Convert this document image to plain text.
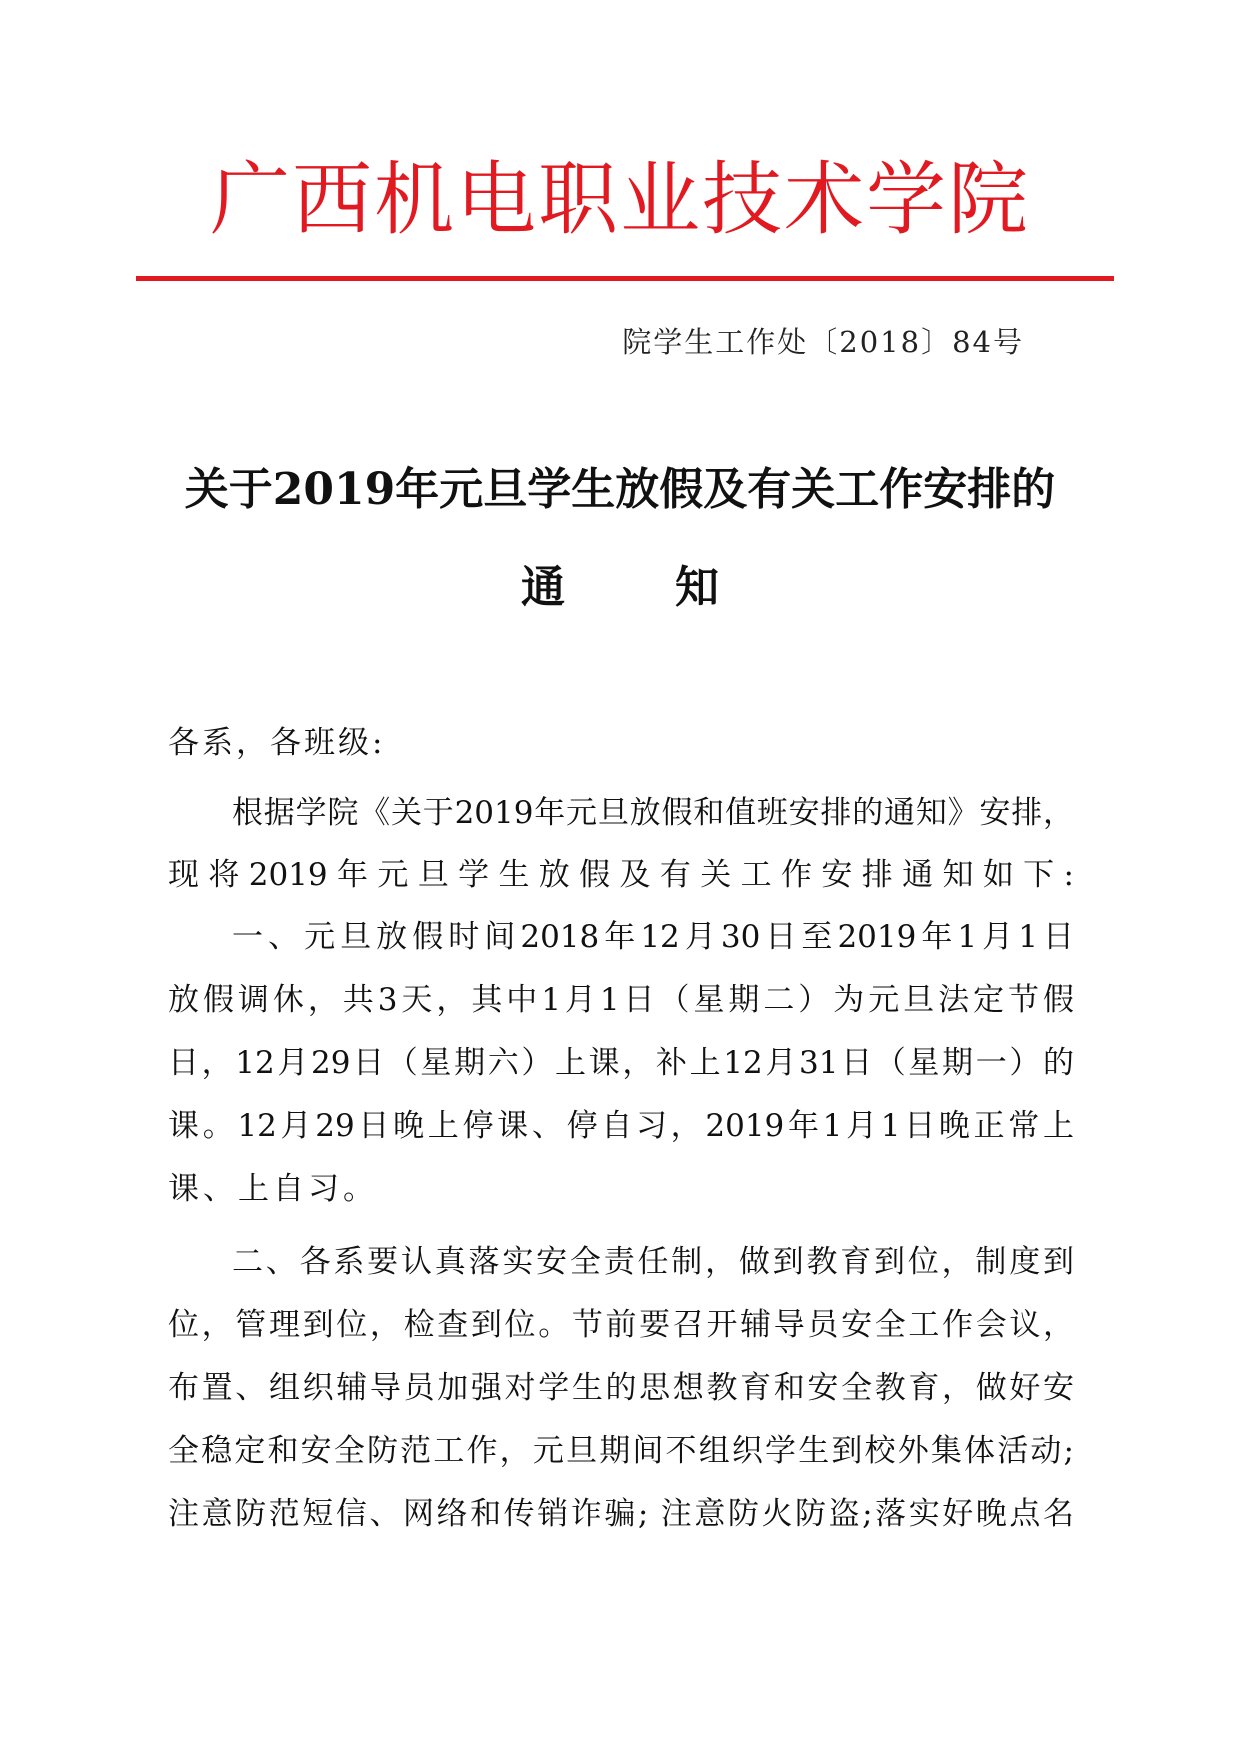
广西机电职业技术学院
院学生工作处〔2018〕84号
关于2019年元旦学生放假及有关工作安排的
通	知
各系，各班级:
根据学院《关于2019年元旦放假和值班安排的通知》安排，
现将2019年元旦学生放假及有关工作安排通知如下:
一、元旦放假时间2018年12月30日至2019年1月1日
放假调休，共3天，其中1月1日（星期二）为元旦法定节假
日，12月29日（星期六）上课，补上12月31日（星期一）的
课。12月29日晚上停课、停自习，2019年1月1日晚正常上
课、上自习。
二、各系要认真落实安全责任制，做到教育到位，制度到
位，管理到位，检查到位。节前要召开辅导员安全工作会议，
布置、组织辅导员加强对学生的思想教育和安全教育，做好安
全稳定和安全防范工作，元旦期间不组织学生到校外集体活动;
注意防范短信、网络和传销诈骗; 注意防火防盗;落实好晚点名
